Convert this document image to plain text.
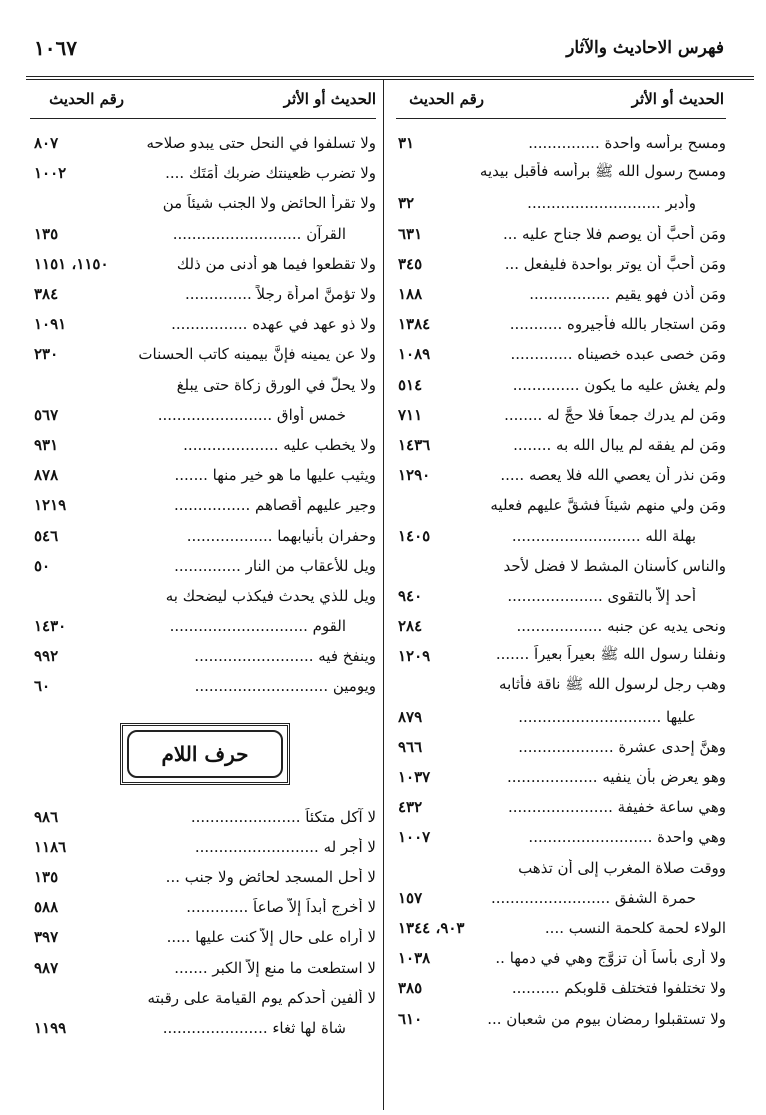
فهرس الاحاديث والآثار
١٠٦٧
الحديث أو الأثر
رقم الحديث
الحديث أو الأثر
رقم الحديث
ومسح برأسه واحدة ...............
٣١
ومسح رسول الله ﷺ برأسه فأقبل بيديه
وأدبر ............................
٣٢
ومَن أحبَّ أن يوصم فلا جناح عليه ...
٦٣١
ومَن أحبَّ أن يوتر بواحدة فليفعل ...
٣٤٥
ومَن أذن فهو يقيم .................
١٨٨
ومَن استجار بالله فأجيروه ...........
١٣٨٤
ومَن خصى عبده خصيناه .............
١٠٨٩
ولم يغش عليه ما يكون ..............
٥١٤
ومَن لم يدرك جمعاً فلا حجَّ له ........
٧١١
ومَن لم يفقه لم يبال الله به ........
١٤٣٦
ومَن نذر أن يعصي الله فلا يعصه .....
١٢٩٠
ومَن ولي منهم شيئاً فشقَّ عليهم فعليه
بهلة الله ...........................
١٤٠٥
والناس كأسنان المشط لا فضل لأحد
أحد إلاَّ بالتقوى ....................
٩٤٠
ونحى يديه عن جنبه ..................
٢٨٤
ونفلنا رسول الله ﷺ بعيراً بعيراً .......
١٢٠٩
وهب رجل لرسول الله ﷺ ناقة فأثابه
عليها ..............................
٨٧٩
وهنَّ إحدى عشرة ....................
٩٦٦
وهو يعرض بأن ينفيه ...................
١٠٣٧
وهي ساعة خفيفة ......................
٤٣٢
وهي واحدة ..........................
١٠٠٧
ووقت صلاة المغرب إلى أن تذهب
حمرة الشفق .........................
١٥٧
الولاء لحمة كلحمة النسب ....
٩٠٣، ١٣٤٤
ولا أرى بأساً أن تزوَّج وهي في دمها ..
١٠٣٨
ولا تختلفوا فتختلف قلوبكم ..........
٣٨٥
ولا تستقبلوا رمضان بيوم من شعبان ...
٦١٠
ولا تسلفوا في النحل حتى يبدو صلاحه
٨٠٧
ولا تضرب ظعينتك ضربك أمَتَك ....
١٠٠٢
ولا تقرأ الحائض ولا الجنب شيئاً من
القرآن ...........................
١٣٥
ولا تقطعوا فيما هو أدنى من ذلك
١١٥٠، ١١٥١
ولا تؤمنَّ امرأة رجلاً ..............
٣٨٤
ولا ذو عهد في عهده ................
١٠٩١
ولا عن يمينه فإنَّ بيمينه كاتب الحسنات
٢٣٠
ولا يحلُّ في الورق زكاة حتى يبلغ
خمس أواق ........................
٥٦٧
ولا يخطب عليه ....................
٩٣١
ويثيب عليها ما هو خير منها .......
٨٧٨
وجير عليهم أقصاهم ................
١٢١٩
وحفران بأنيابهما ..................
٥٤٦
ويل للأعقاب من النار ..............
٥٠
ويل للذي يحدث فيكذب ليضحك به
القوم .............................
١٤٣٠
وينفخ فيه .........................
٩٩٢
ويومين ............................
٦٠
حرف اللام
لا آكل متكئاً .......................
٩٨٦
لا أجر له ..........................
١١٨٦
لا أحل المسجد لحائض ولا جنب ...
١٣٥
لا أخرج أبداً إلاَّ صاعاً .............
٥٨٨
لا أراه على حال إلاَّ كنت عليها .....
٣٩٧
لا استطعت ما منع إلاَّ الكبر .......
٩٨٧
لا ألفين أحدكم يوم القيامة على رقبته
شاة لها ثغاء ......................
١١٩٩
